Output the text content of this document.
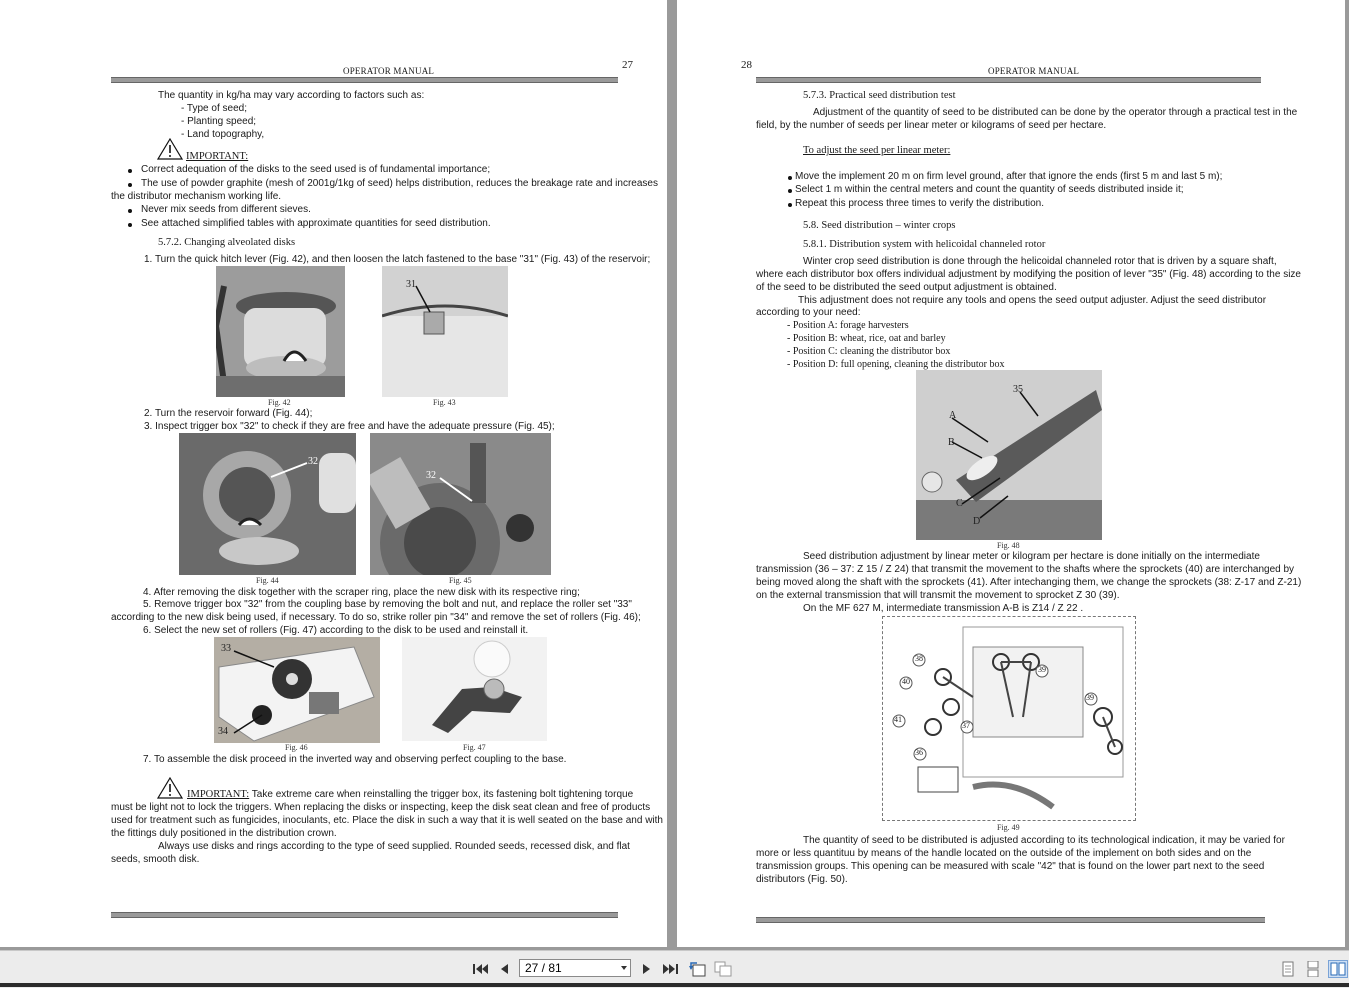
OPERATOR MANUAL	27
The quantity in kg/ha may vary according to factors such as:
- Type of seed;
- Planting speed;
- Land topography,
IMPORTANT:
Correct adequation of the disks to the seed used is of fundamental importance;
The use of powder graphite (mesh of 2001g/1kg of seed) helps distribution, reduces the breakage rate and increases
the distributor mechanism working life.
Never mix seeds from different sieves.
See attached simplified tables with approximate quantities for seed distribution.
5.7.2. Changing alveolated disks
1. Turn the quick hitch lever (Fig. 42), and then loosen the latch fastened to the base "31" (Fig. 43) of the reservoir;
Fig. 42
31
Fig. 43
2. Turn the reservoir forward (Fig. 44);
3. Inspect trigger box "32" to check if they are free and have the adequate pressure (Fig. 45);
32
Fig. 44
32
Fig. 45
4. After removing the disk together with the scraper ring, place the new disk with its respective ring;
5. Remove trigger box "32" from the coupling base by removing the bolt and nut, and replace the roller set "33"
according to the new disk being used, if necessary. To do so, strike roller pin "34" and remove the set of rollers (Fig. 46);
6. Select the new set of rollers (Fig. 47) according to the disk to be used and reinstall it.
33
34
Fig. 46	Fig. 47
7. To assemble the disk proceed in the inverted way and observing perfect coupling to the base.
IMPORTANT: Take extreme care when reinstalling the trigger box, its fastening bolt tightening torque
must be light not to lock the triggers. When replacing the disks or inspecting, keep the disk seat clean and free of products
used for treatment such as fungicides, inoculants, etc. Place the disk in such a way that it is well seated on the base and with
the fittings duly positioned in the distribution crown.
Always use disks and rings according to the type of seed supplied. Rounded seeds, recessed disk, and flat
seeds, smooth disk.
28	OPERATOR MANUAL
5.7.3. Practical seed distribution test
Adjustment of the quantity of seed to be distributed can be done by the operator through a practical test in the
field, by the number of seeds per linear meter or kilograms of seed per hectare.
To adjust the seed per linear meter:
Move the implement 20 m on firm level ground, after that ignore the ends (first 5 m and last 5 m);
Select 1 m within the central meters and count the quantity of seeds distributed inside it;
Repeat this process three times to verify the distribution.
5.8. Seed distribution – winter crops
5.8.1. Distribution system with helicoidal channeled rotor
Winter crop seed distribution is done through the helicoidal channeled rotor that is driven by a square shaft,
where each distributor box offers individual adjustment by modifying the position of lever "35" (Fig. 48) according to the size
of the seed to be distributed the seed output adjustment is obtained.
This adjustment does not require any tools and opens the seed output adjuster. Adjust the seed distributor
according to your need:
- Position A: forage harvesters
- Position B: wheat, rice, oat and barley
- Position C: cleaning the distributor box
- Position D: full opening, cleaning the distributor box
35
A
B
C
D
Fig. 48
Seed distribution adjustment by linear meter or kilogram per hectare is done initially on the intermediate
transmission (36 – 37: Z 15 / Z 24) that transmit the movement to the shafts where the sprockets (40) are interchanged by
being moved along the shaft with the sprockets (41). After intechanging them, we change the sprockets (38: Z-17 and Z-21)
on the external transmission that will transmit the movement to sprocket Z 30 (39).
On the MF 627 M, intermediate transmission A-B is Z14 / Z 22 .
38
39
40
41
36
37
39
Fig. 49
The quantity of seed to be distributed is adjusted according to its technological indication, it may be varied for
more or less quantituu by means of the handle located on the outside of the implement on both sides and on the
transmission groups. This opening can be measured with scale "42" that is found on the lower part next to the seed
distributors (Fig. 50).
27 / 81
